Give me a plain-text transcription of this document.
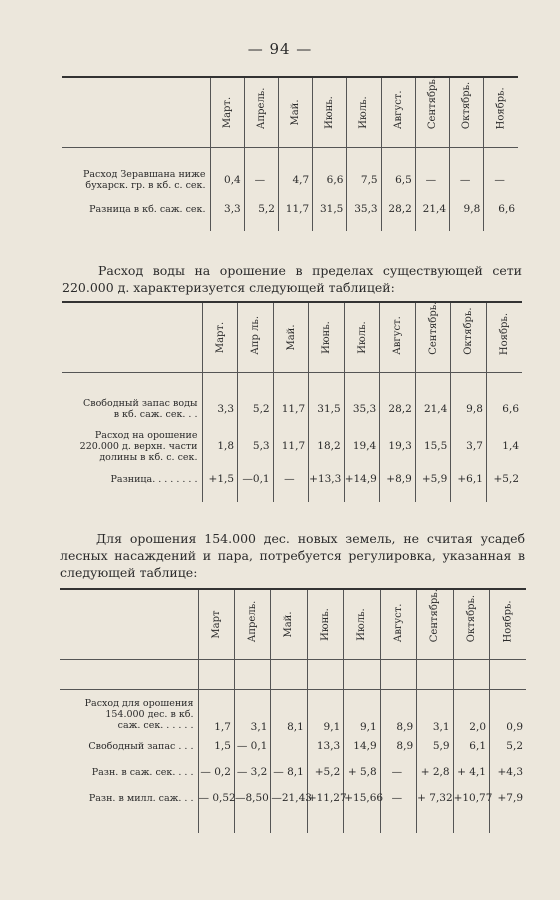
— 94 —

	Март.	Апрель.	Май.	Июнь.	Июль.	Август.	Сентябрь.	Октябрь.	Ноябрь.

Расход Зеравшана ниже
бухарск. гр. в кб. с. сек.	0,4	—	4,7	6,6	7,5	6,5	—	—	—

Разница в кб. саж. сек.	3,3	5,2	11,7	31,5	35,3	28,2	21,4	9,8	6,6

Расход воды на орошение в пределах существующей сети 220.000 д. характеризуется следующей таблицей:

	Март.	Апр ль.	Май.	Июнь.	Июль.	Август.	Сентябрь.	Октябрь.	Ноябрь.

Свободный запас воды
в кб. саж. сек. . .	3,3	5,2	11,7	31,5	35,3	28,2	21,4	9,8	6,6

Расход на орошение
220.000 д. верхн. части
долины в кб. с. сек.	1,8	5,3	11,7	18,2	19,4	19,3	15,5	3,7	1,4

Разница. . . . . . . .	+1,5	—0,1	—	+13,3	+14,9	+8,9	+5,9	+6,1	+5,2

Для орошения 154.000 дес. новых земель, не считая усадеб лесных насаждений и пара, потребуется регулировка, указанная в следующей таблице:

	Март	Апрель.	Май.	Июнь.	Июль.	Август.	Сентябрь.	Октябрь.	Ноябрь.

Расход для орошения
154.000 дес. в кб.
саж. сек. . . . . .	1,7	3,1	8,1	9,1	9,1	8,9	3,1	2,0	0,9

Свободный запас . . .	1,5	— 0,1		13,3	14,9	8,9	5,9	6,1	5,2

Разн. в саж. сек. . . .	— 0,2	— 3,2	— 8,1	+5,2	+ 5,8	—	+ 2,8	+ 4,1	+4,3

Разн. в милл. саж. . .	— 0,52	—8,50	—21,43	+11,27	+15,66	—	+ 7,32	+10,77	+7,9
